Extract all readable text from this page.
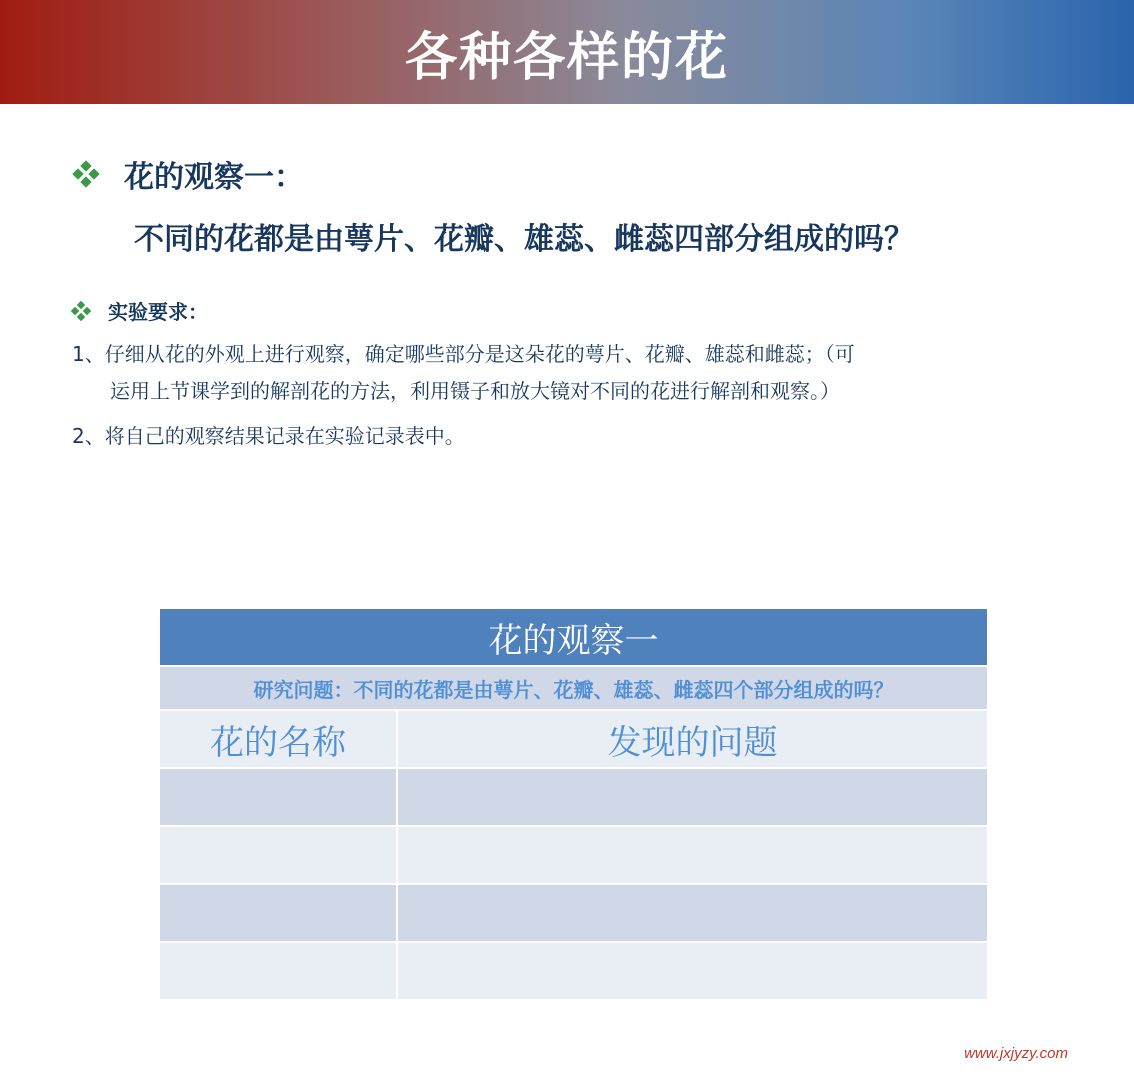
各种各样的花
花的观察一：
不同的花都是由萼片、花瓣、雄蕊、雌蕊四部分组成的吗？
实验要求：
1、仔细从花的外观上进行观察，确定哪些部分是这朵花的萼片、花瓣、雄蕊和雌蕊；（可
运用上节课学到的解剖花的方法，利用镊子和放大镜对不同的花进行解剖和观察。）
2、将自己的观察结果记录在实验记录表中。
花的观察一	
研究问题：不同的花都是由萼片、花瓣、雄蕊、雌蕊四个部分组成的吗？	
花的名称	发现的问题

www.jxjyzy.com
